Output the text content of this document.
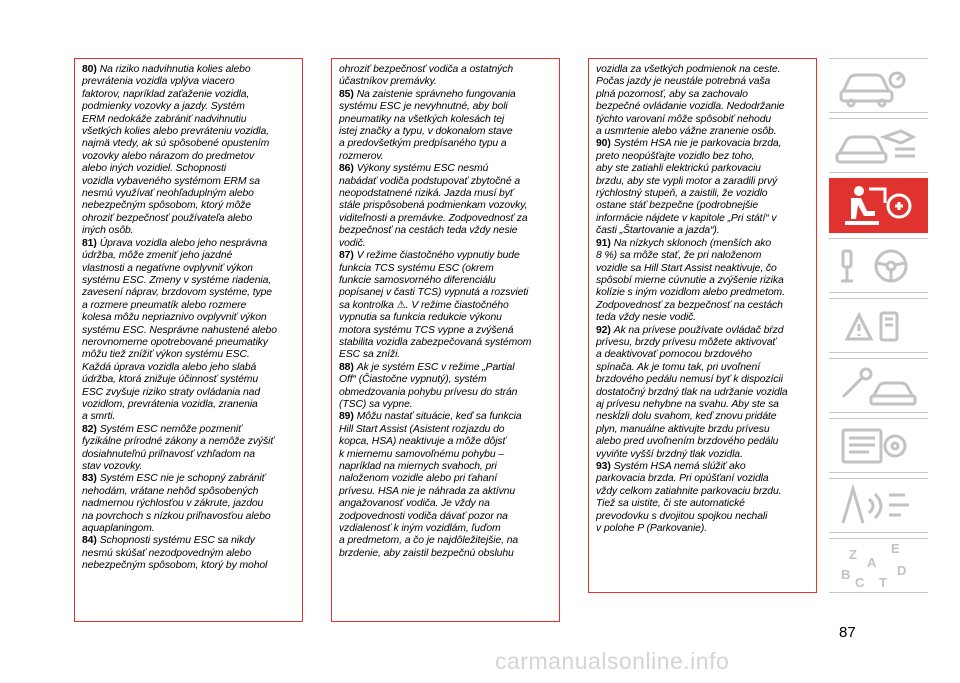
80) Na riziko nadvihnutia kolies alebo
prevrátenia vozidla vplýva viacero
faktorov, napríklad zaťaženie vozidla,
podmienky vozovky a jazdy. Systém
ERM nedokáže zabrániť nadvihnutiu
všetkých kolies alebo prevráteniu vozidla,
najmä vtedy, ak sú spôsobené opustením
vozovky alebo nárazom do predmetov
alebo iných vozidiel. Schopnosti
vozidla vybaveného systémom ERM sa
nesmú využívať neohľaduplným alebo
nebezpečným spôsobom, ktorý môže
ohroziť bezpečnosť používateľa alebo
iných osôb.

81) Úprava vozidla alebo jeho nesprávna
údržba, môže zmeniť jeho jazdné
vlastnosti a negatívne ovplyvniť výkon
systému ESC. Zmeny v systéme riadenia,
zavesení náprav, brzdovom systéme, type
a rozmere pneumatík alebo rozmere
kolesa môžu nepriaznivo ovplyvniť výkon
systému ESC. Nesprávne nahustené alebo
nerovnomerne opotrebované pneumatiky
môžu tiež znížiť výkon systému ESC.
Každá úprava vozidla alebo jeho slabá
údržba, ktorá znižuje účinnosť systému
ESC zvyšuje riziko straty ovládania nad
vozidlom, prevrátenia vozidla, zranenia
a smrti.

82) Systém ESC nemôže pozmeniť
fyzikálne prírodné zákony a nemôže zvýšiť
dosiahnuteľnú priľnavosť vzhľadom na
stav vozovky.

83) Systém ESC nie je schopný zabrániť
nehodám, vrátane nehôd spôsobených
nadmernou rýchlosťou v zákrute, jazdou
na povrchoch s nízkou priľnavosťou alebo
aquaplaningom.

84) Schopnosti systému ESC sa nikdy
nesmú skúšať nezodpovedným alebo
nebezpečným spôsobom, ktorý by mohol

ohroziť bezpečnosť vodiča a ostatných
účastníkov premávky.

85) Na zaistenie správneho fungovania
systému ESC je nevyhnutné, aby boli
pneumatiky na všetkých kolesách tej
istej značky a typu, v dokonalom stave
a predovšetkým predpísaného typu a
rozmerov.

86) Výkony systému ESC nesmú
nabádať vodiča podstupovať zbytočné a
neopodstatnené riziká. Jazda musí byť
stále prispôsobená podmienkam vozovky,
viditeľnosti a premávke. Zodpovednosť za
bezpečnosť na cestách teda vždy nesie
vodič.

87) V režime čiastočného vypnutiy bude
funkcia TCS systému ESC (okrem
funkcie samosvorného diferenciálu
popísanej v časti TCS) vypnutá a rozsvieti
sa kontrolka ⚠. V režime čiastočného
vypnutia sa funkcia redukcie výkonu
motora systému TCS vypne a zvýšená
stabilita vozidla zabezpečovaná systémom
ESC sa zníži.

88) Ak je systém ESC v režime „Partial
Off“ (Čiastočne vypnutý), systém
obmedzovania pohybu prívesu do strán
(TSC) sa vypne.

89) Môžu nastať situácie, keď sa funkcia
Hill Start Assist (Asistent rozjazdu do
kopca, HSA) neaktivuje a môže dôjsť
k miernemu samovoľnému pohybu –
napríklad na miernych svahoch, pri
naloženom vozidle alebo pri ťahaní
prívesu. HSA nie je náhrada za aktívnu
angažovanosť vodiča. Je vždy na
zodpovednosti vodiča dávať pozor na
vzdialenosť k iným vozidlám, ľuďom
a predmetom, a čo je najdôležitejšie, na
brzdenie, aby zaistil bezpečnú obsluhu

vozidla za všetkých podmienok na ceste.
Počas jazdy je neustále potrebná vaša
plná pozornosť, aby sa zachovalo
bezpečné ovládanie vozidla. Nedodržanie
týchto varovaní môže spôsobiť nehodu
a usmrtenie alebo vážne zranenie osôb.

90) Systém HSA nie je parkovacia brzda,
preto neopúšťajte vozidlo bez toho,
aby ste zatiahli elektrickú parkovaciu
brzdu, aby ste vypli motor a zaradili prvý
rýchlostný stupeň, a zaistili, že vozidlo
ostane stáť bezpečne (podrobnejšie
informácie nájdete v kapitole „Pri státí“ v
časti „Štartovanie a jazda“).

91) Na nízkych sklonoch (menších ako
8 %) sa môže stať, že pri naloženom
vozidle sa Hill Start Assist neaktivuje, čo
spôsobí mierne cúvnutie a zvýšenie rizika
kolízie s iným vozidlom alebo predmetom.
Zodpovednosť za bezpečnosť na cestách
teda vždy nesie vodič.

92) Ak na prívese používate ovládač bŕzd
prívesu, brzdy prívesu môžete aktivovať
a deaktivovať pomocou brzdového
spínača. Ak je tomu tak, pri uvoľnení
brzdového pedálu nemusí byť k dispozícii
dostatočný brzdný tlak na udržanie vozidla
aj prívesu nehybne na svahu. Aby ste sa
neskĺzli dolu svahom, keď znovu pridáte
plyn, manuálne aktivujte brzdu prívesu
alebo pred uvoľnením brzdového pedálu
vyviňte vyšší brzdný tlak vozidla.

93) Systém HSA nemá slúžiť ako
parkovacia brzda. Pri opúšťaní vozidla
vždy celkom zatiahnite parkovaciu brzdu.
Tiež sa uistite, či ste automatické
prevodovku s dvojitou spojkou nechali
v polohe P (Parkovanie).

Z	E
B
A
D
C T
87
carmanualsonline.info
